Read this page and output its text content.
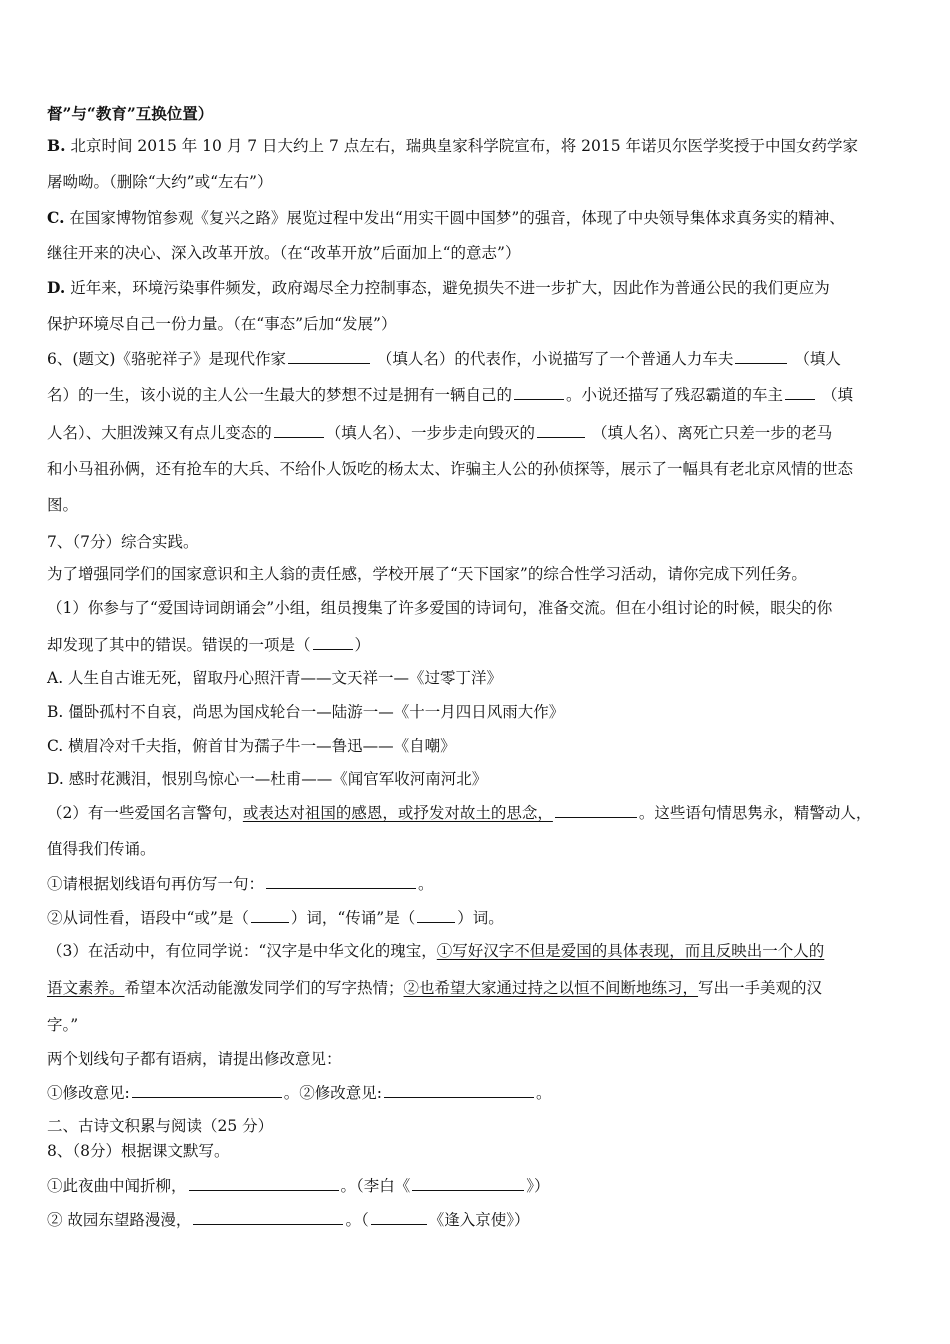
督”与“教育”互换位置）
B. 北京时间 2015 年 10 月 7 日大约上 7 点左右，瑞典皇家科学院宣布，将 2015 年诺贝尔医学奖授于中国女药学家
屠呦呦。（删除“大约”或“左右”）
C. 在国家博物馆参观《复兴之路》展览过程中发出“用实干圆中国梦”的强音，体现了中央领导集体求真务实的精神、
继往开来的决心、深入改革开放。（在“改革开放”后面加上“的意志”）
D. 近年来，环境污染事件频发，政府竭尽全力控制事态，避免损失不进一步扩大，因此作为普通公民的我们更应为
保护环境尽自己一份力量。（在“事态”后加“发展”）
6、(题文)《骆驼祥子》是现代作家	（填人名）的代表作，小说描写了一个普通人力车夫	（填人
名）的一生，该小说的主人公一生最大的梦想不过是拥有一辆自己的	。小说还描写了残忍霸道的车主	（填
人名）、大胆泼辣又有点儿变态的	（填人名）、一步步走向毁灭的	（填人名）、离死亡只差一步的老马
和小马祖孙俩，还有抢车的大兵、不给仆人饭吃的杨太太、诈骗主人公的孙侦探等，展示了一幅具有老北京风情的世态
图。
7、（7分）综合实践。
为了增强同学们的国家意识和主人翁的责任感，学校开展了“天下国家”的综合性学习活动，请你完成下列任务。
（1）你参与了“爱国诗词朗诵会”小组，组员搜集了许多爱国的诗词句，准备交流。但在小组讨论的时候，眼尖的你
却发现了其中的错误。错误的一项是（	）
A. 人生自古谁无死，留取丹心照汗青——文天祥一—《过零丁洋》
B. 僵卧孤村不自哀，尚思为国戍轮台一—陆游一—《十一月四日风雨大作》
C. 横眉冷对千夫指，俯首甘为孺子牛一—鲁迅——《自嘲》
D. 感时花溅泪，恨别鸟惊心一—杜甫——《闻官军收河南河北》
（2）有一些爱国名言警句，或表达对祖国的感恩，或抒发对故土的思念，	。这些语句情思隽永，精警动人，
值得我们传诵。
①请根据划线语句再仿写一句：	。
②从词性看，语段中“或”是（	）词，“传诵”是（	）词。
（3）在活动中，有位同学说：“汉字是中华文化的瑰宝，①写好汉字不但是爱国的具体表现，而且反映出一个人的
语文素养。希望本次活动能激发同学们的写字热情；②也希望大家通过持之以恒不间断地练习，写出一手美观的汉
字。”
两个划线句子都有语病，请提出修改意见：
①修改意见:	。②修改意见:	。
二、古诗文积累与阅读（25 分）
8、（8分）根据课文默写。
①此夜曲中闻折柳，	。（李白《	》）
② 故园东望路漫漫，	。（	《逢入京使》）
